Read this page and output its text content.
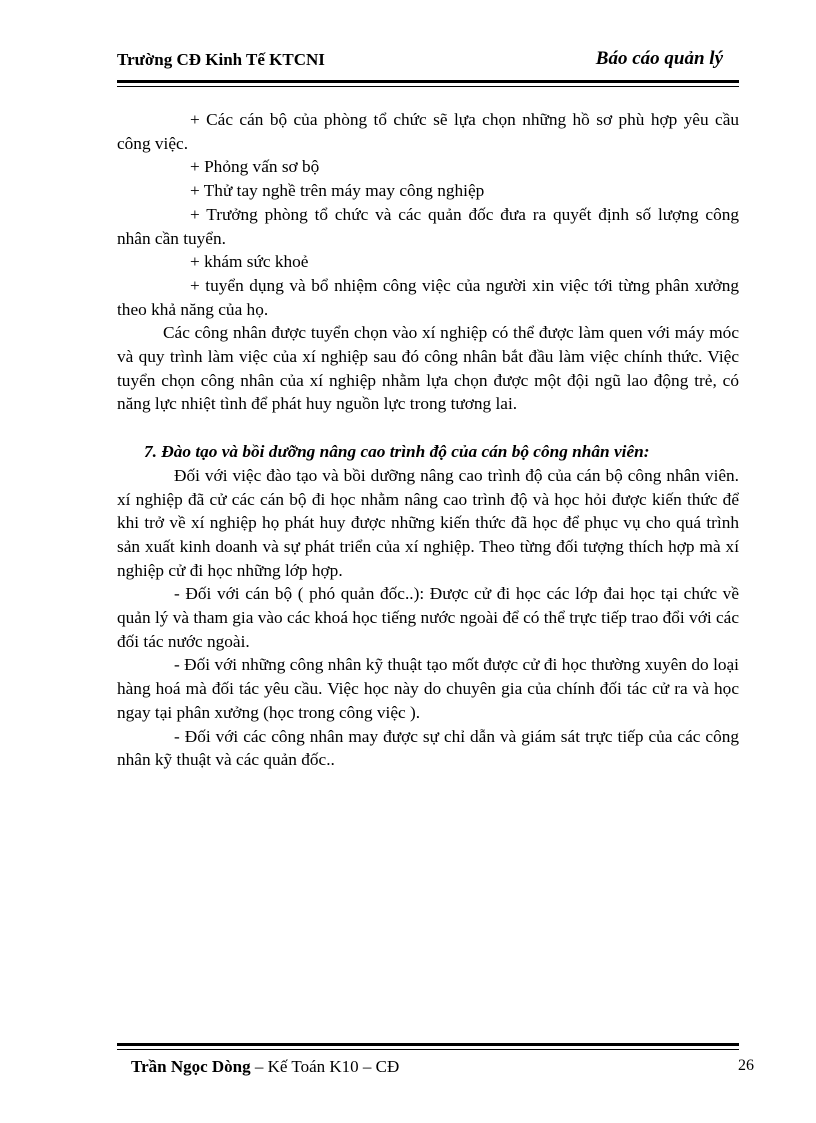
Trường CĐ Kinh Tế KTCNI	Báo cáo quản lý

+ Các cán bộ của phòng tổ chức sẽ lựa chọn những hồ sơ phù hợp yêu cầu công việc.

+ Phỏng vấn sơ bộ

+ Thử tay nghề trên máy may công nghiệp

+ Trưởng phòng tổ chức và các quản đốc đưa ra quyết định số lượng công nhân cần tuyển.

+ khám sức khoẻ

+ tuyển dụng và bổ nhiệm công việc của người xin việc tới từng phân xưởng theo khả năng của họ.

Các công nhân được tuyển chọn vào xí nghiệp có thể được làm quen với máy móc và quy trình làm việc của xí nghiệp sau đó công nhân bắt đầu làm việc chính thức. Việc tuyển chọn công nhân của xí nghiệp nhằm lựa chọn được một đội ngũ lao động trẻ, có năng lực nhiệt tình để phát huy nguồn lực trong tương lai.

7. Đào tạo và bồi dưỡng nâng cao trình độ của cán bộ công nhân viên:

Đối với việc đào tạo và bồi dưỡng nâng cao trình độ của cán bộ công nhân viên. xí nghiệp đã cử các cán bộ đi học nhằm nâng cao trình độ và học hỏi được kiến thức để khi trở về xí nghiệp họ phát huy được những kiến thức đã học để phục vụ cho quá trình sản xuất kinh doanh và sự phát triển của xí nghiệp. Theo từng đối tượng thích hợp mà xí nghiệp cử đi học những lớp hợp.

- Đối với cán bộ ( phó quản đốc..): Được cử đi học các lớp đai học tại chức về quản lý và tham gia vào các khoá học tiếng nước ngoài để có thể trực tiếp trao đổi với các đối tác nước ngoài.

- Đối với những công nhân kỹ thuật tạo mốt được cử đi học thường xuyên do loại hàng hoá mà đối tác yêu cầu. Việc học này do chuyên gia của chính đối tác cử ra và học ngay tại phân xưởng (học trong công việc ).

- Đối với các công nhân may được sự chỉ dẫn và giám sát trực tiếp của các công nhân kỹ thuật và các quản đốc..

Trần Ngọc Dòng – Kế Toán K10 – CĐ	26
